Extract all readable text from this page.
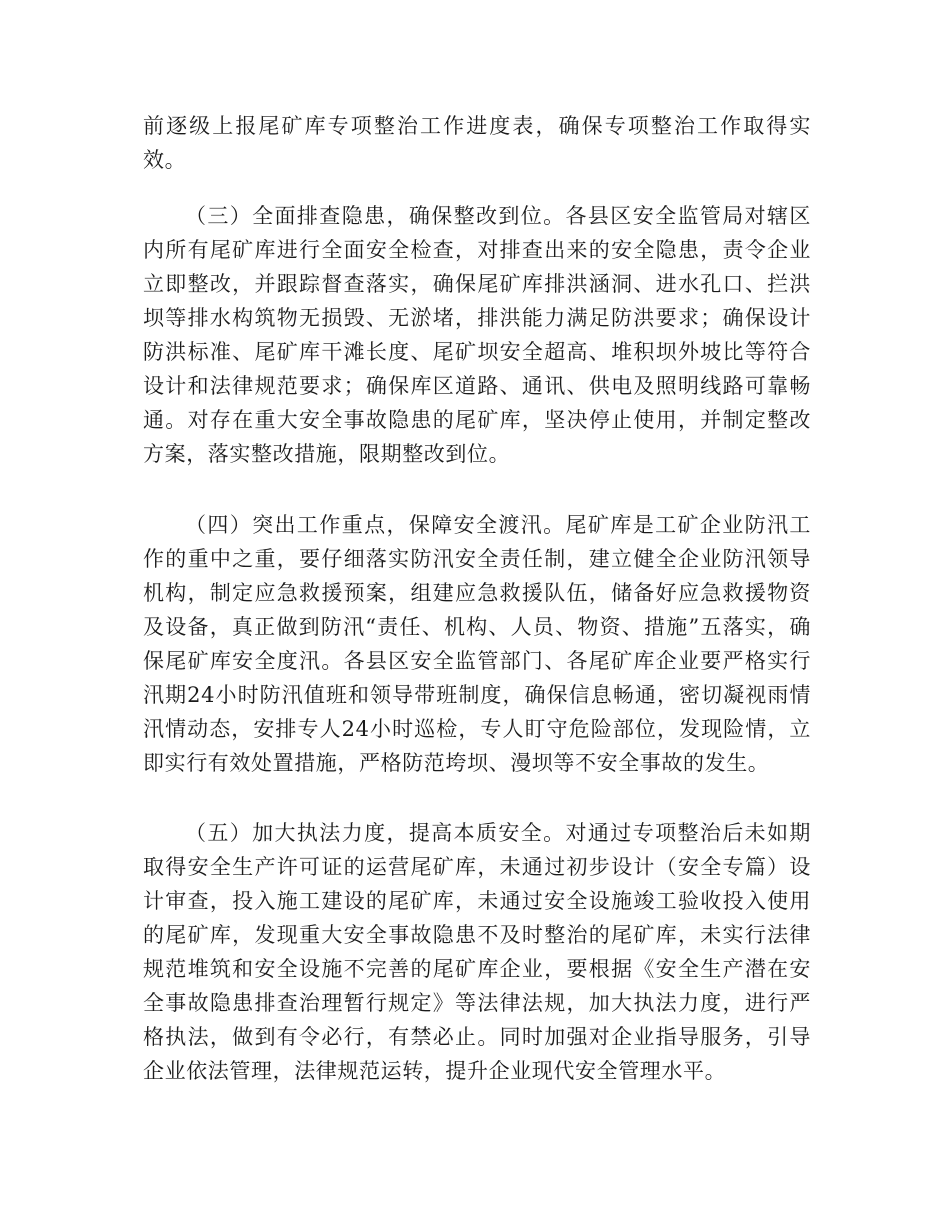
前逐级上报尾矿库专项整治工作进度表，确保专项整治工作取得实效。

（三）全面排查隐患，确保整改到位。各县区安全监管局对辖区内所有尾矿库进行全面安全检查，对排查出来的安全隐患，责令企业立即整改，并跟踪督查落实，确保尾矿库排洪涵洞、进水孔口、拦洪坝等排水构筑物无损毁、无淤堵，排洪能力满足防洪要求；确保设计防洪标准、尾矿库干滩长度、尾矿坝安全超高、堆积坝外坡比等符合设计和法律规范要求；确保库区道路、通讯、供电及照明线路可靠畅通。对存在重大安全事故隐患的尾矿库，坚决停止使用，并制定整改方案，落实整改措施，限期整改到位。

（四）突出工作重点，保障安全渡汛。尾矿库是工矿企业防汛工作的重中之重，要仔细落实防汛安全责任制，建立健全企业防汛领导机构，制定应急救援预案，组建应急救援队伍，储备好应急救援物资及设备，真正做到防汛“责任、机构、人员、物资、措施”五落实，确保尾矿库安全度汛。各县区安全监管部门、各尾矿库企业要严格实行汛期24小时防汛值班和领导带班制度，确保信息畅通，密切凝视雨情汛情动态，安排专人24小时巡检，专人盯守危险部位，发现险情，立即实行有效处置措施，严格防范垮坝、漫坝等不安全事故的发生。

（五）加大执法力度，提高本质安全。对通过专项整治后未如期取得安全生产许可证的运营尾矿库，未通过初步设计（安全专篇）设计审查，投入施工建设的尾矿库，未通过安全设施竣工验收投入使用的尾矿库，发现重大安全事故隐患不及时整治的尾矿库，未实行法律规范堆筑和安全设施不完善的尾矿库企业，要根据《安全生产潜在安全事故隐患排查治理暂行规定》等法律法规，加大执法力度，进行严格执法，做到有令必行，有禁必止。同时加强对企业指导服务，引导企业依法管理，法律规范运转，提升企业现代安全管理水平。
